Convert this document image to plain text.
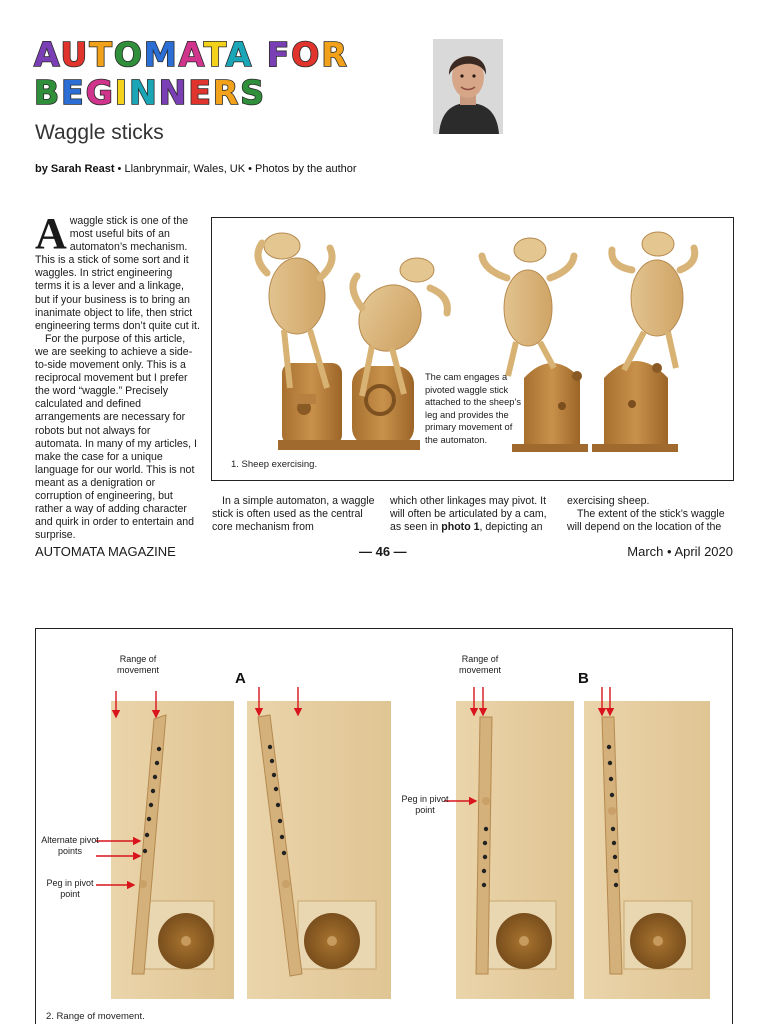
AUTOMATA FOR
BEGINNERS
Waggle sticks
by Sarah Reast • Llanbrynmair, Wales, UK • Photos by the author

Awaggle stick is one of the most useful bits of an automaton’s mechanism. This is a stick of some sort and it waggles. In strict engineering terms it is a lever and a linkage, but if your business is to bring an inanimate object to life, then strict engineering terms don’t quite cut it.

For the purpose of this article, we are seeking to achieve a side-to-side movement only. This is a reciprocal movement but I prefer the word “waggle.” Precisely calculated and defined arrangements are necessary for robots but not always for automata. In many of my articles, I make the case for a unique language for our world. This is not meant as a denigration or corruption of engineering, but rather a way of adding character and quirk in order to entertain and surprise.

The cam engages a pivoted waggle stick attached to the sheep’s leg and provides the primary movement of the automaton.
1. Sheep exercising.

In a simple automaton, a waggle stick is often used as the central core mechanism from

which other linkages may pivot. It will often be articulated by a cam, as seen in photo 1, depicting an

exercising sheep.

The extent of the stick’s waggle will depend on the location of the

AUTOMATA MAGAZINE	— 46 —	March • April 2020
A	B
Range of movement
Range of movement
Alternate pivot points
Peg in pivot point
Peg in pivot point
2. Range of movement.
